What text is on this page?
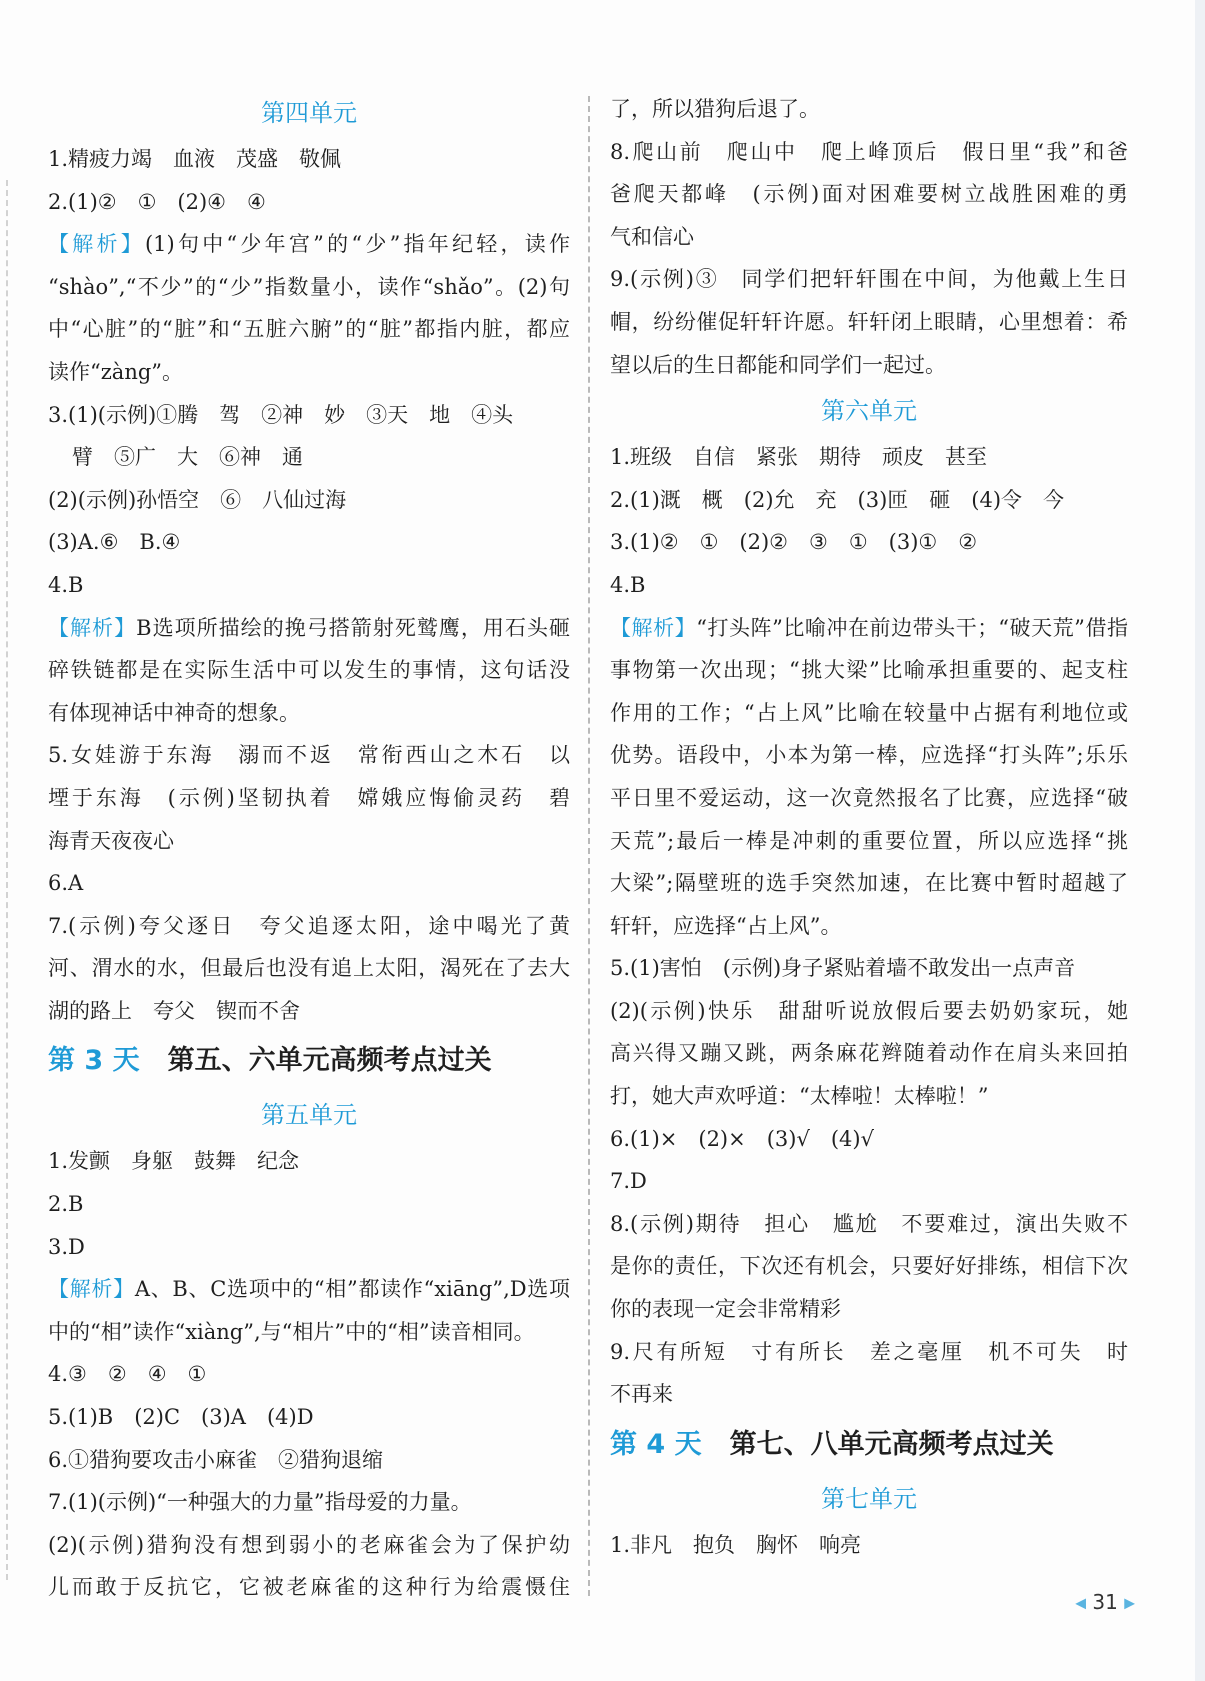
第四单元
1.精疲力竭　血液　茂盛　敬佩
2.(1)②　①　(2)④　④
【解析】(1)句中“少年宫”的“少”指年纪轻，读作
“shào”,“不少”的“少”指数量小，读作“shǎo”。(2)句
中“心脏”的“脏”和“五脏六腑”的“脏”都指内脏，都应
读作“zàng”。
3.(1)(示例)①腾　驾　②神　妙　③天　地　④头
臂　⑤广　大　⑥神　通
(2)(示例)孙悟空　⑥　八仙过海
(3)A.⑥　B.④
4.B
【解析】B选项所描绘的挽弓搭箭射死鹫鹰，用石头砸
碎铁链都是在实际生活中可以发生的事情，这句话没
有体现神话中神奇的想象。
5.女娃游于东海　溺而不返　常衔西山之木石　以
堙于东海　(示例)坚韧执着　嫦娥应悔偷灵药　碧
海青天夜夜心
6.A
7.(示例)夸父逐日　夸父追逐太阳，途中喝光了黄
河、渭水的水，但最后也没有追上太阳，渴死在了去大
湖的路上　夸父　锲而不舍
第 3 天 第五、六单元高频考点过关
第五单元
1.发颤　身躯　鼓舞　纪念
2.B
3.D
【解析】A、B、C选项中的“相”都读作“xiāng”,D选项
中的“相”读作“xiàng”,与“相片”中的“相”读音相同。
4.③　②　④　①
5.(1)B　(2)C　(3)A　(4)D
6.①猎狗要攻击小麻雀　②猎狗退缩
7.(1)(示例)“一种强大的力量”指母爱的力量。
(2)(示例)猎狗没有想到弱小的老麻雀会为了保护幼
儿而敢于反抗它，它被老麻雀的这种行为给震慑住
了，所以猎狗后退了。
8.爬山前　爬山中　爬上峰顶后　假日里“我”和爸
爸爬天都峰　(示例)面对困难要树立战胜困难的勇
气和信心
9.(示例)③　同学们把轩轩围在中间，为他戴上生日
帽，纷纷催促轩轩许愿。轩轩闭上眼睛，心里想着：希
望以后的生日都能和同学们一起过。
第六单元
1.班级　自信　紧张　期待　顽皮　甚至
2.(1)溉　概　(2)允　充　(3)匝　砸　(4)令　今
3.(1)②　①　(2)②　③　①　(3)①　②
4.B
【解析】“打头阵”比喻冲在前边带头干；“破天荒”借指
事物第一次出现；“挑大梁”比喻承担重要的、起支柱
作用的工作；“占上风”比喻在较量中占据有利地位或
优势。语段中，小本为第一棒，应选择“打头阵”;乐乐
平日里不爱运动，这一次竟然报名了比赛，应选择“破
天荒”;最后一棒是冲刺的重要位置，所以应选择“挑
大梁”;隔壁班的选手突然加速，在比赛中暂时超越了
轩轩，应选择“占上风”。
5.(1)害怕　(示例)身子紧贴着墙不敢发出一点声音
(2)(示例)快乐　甜甜听说放假后要去奶奶家玩，她
高兴得又蹦又跳，两条麻花辫随着动作在肩头来回拍
打，她大声欢呼道：“太棒啦！太棒啦！”
6.(1)×　(2)×　(3)√　(4)√
7.D
8.(示例)期待　担心　尴尬　不要难过，演出失败不
是你的责任，下次还有机会，只要好好排练，相信下次
你的表现一定会非常精彩
9.尺有所短　寸有所长　差之毫厘　机不可失　时
不再来
第 4 天 第七、八单元高频考点过关
第七单元
1.非凡　抱负　胸怀　响亮
◀ 31 ▶
